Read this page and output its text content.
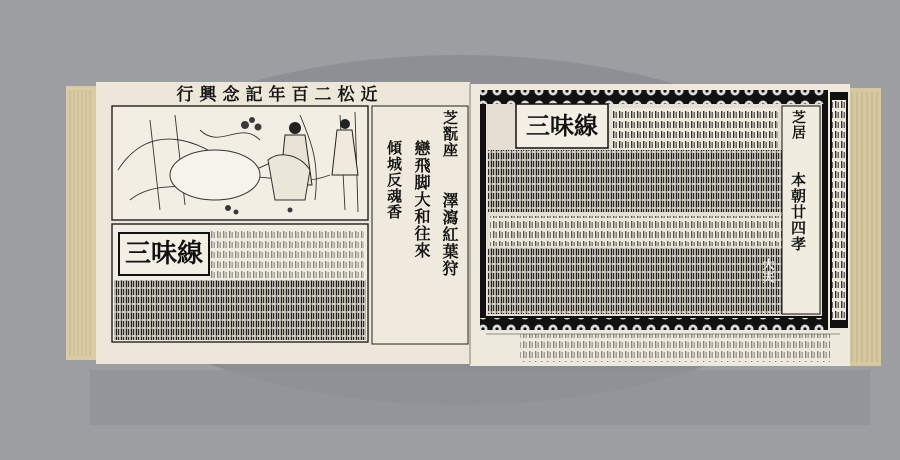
行興念記年百二松近
三味線
芝翫座
澤瀉紅葉狩
戀飛脚大和往來
傾城反魂香
三味線	芝居
本朝廿四孝
大夫
